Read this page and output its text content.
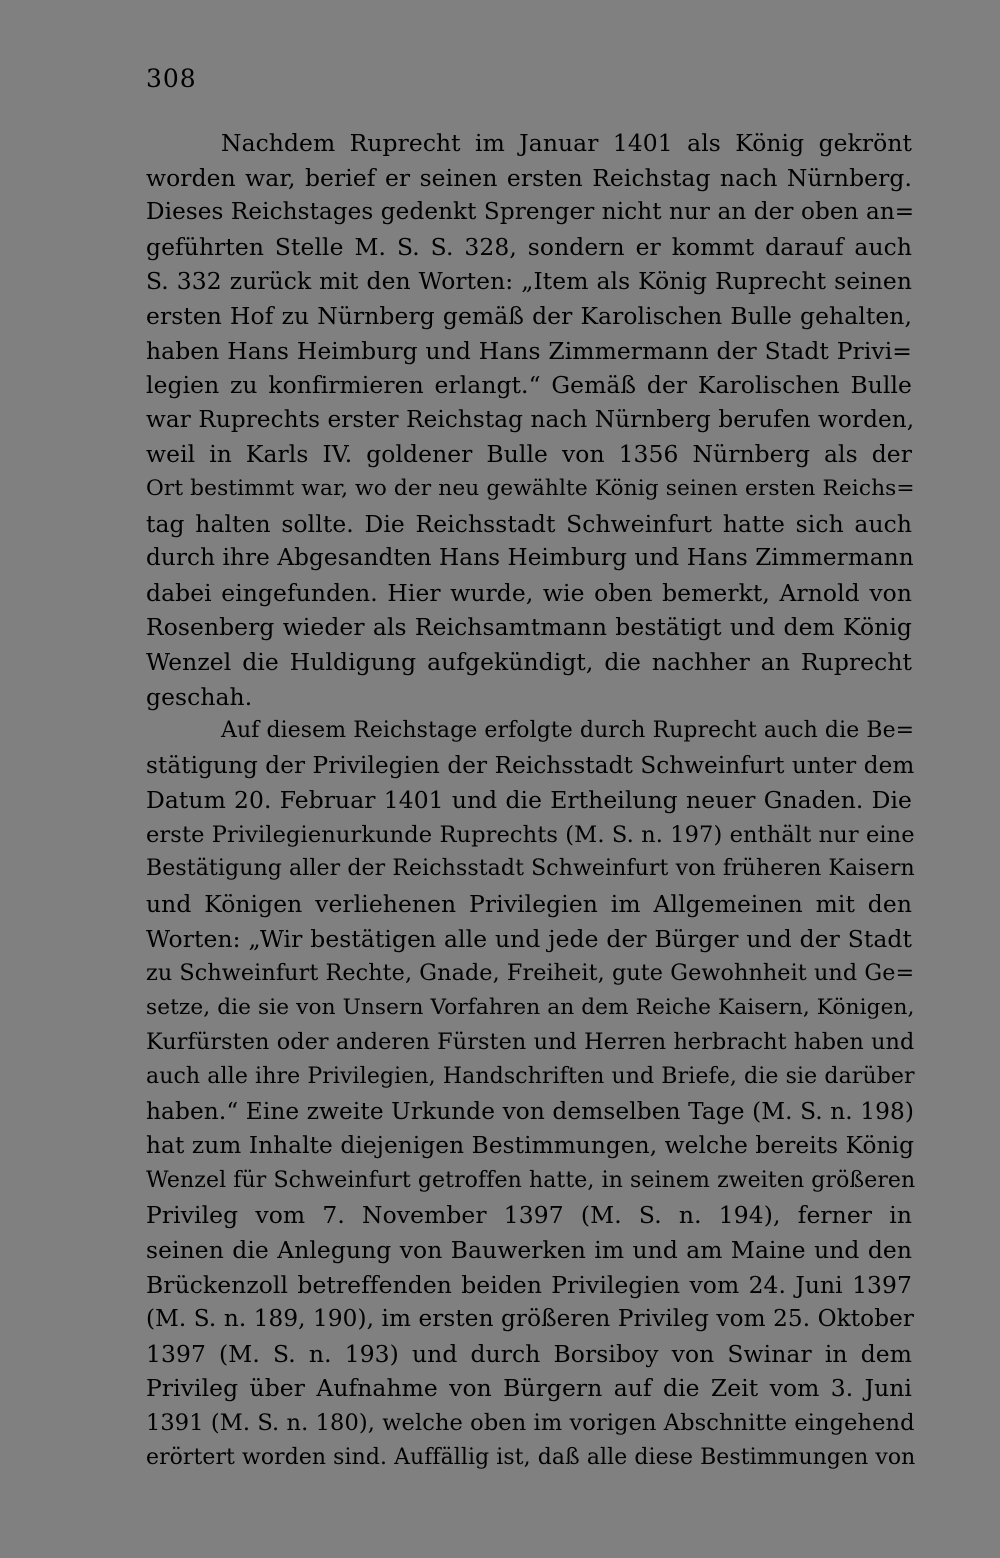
308
Nachdem Ruprecht im Januar 1401 als König gekrönt
worden war, berief er seinen ersten Reichstag nach Nürnberg.
Dieses Reichstages gedenkt Sprenger nicht nur an der oben an=
geführten Stelle M. S. S. 328, sondern er kommt darauf auch
S. 332 zurück mit den Worten: „Item als König Ruprecht seinen
ersten Hof zu Nürnberg gemäß der Karolischen Bulle gehalten,
haben Hans Heimburg und Hans Zimmermann der Stadt Privi=
legien zu konfirmieren erlangt.“ Gemäß der Karolischen Bulle
war Ruprechts erster Reichstag nach Nürnberg berufen worden,
weil in Karls IV. goldener Bulle von 1356 Nürnberg als der
Ort bestimmt war, wo der neu gewählte König seinen ersten Reichs=
tag halten sollte. Die Reichsstadt Schweinfurt hatte sich auch
durch ihre Abgesandten Hans Heimburg und Hans Zimmermann
dabei eingefunden. Hier wurde, wie oben bemerkt, Arnold von
Rosenberg wieder als Reichsamtmann bestätigt und dem König
Wenzel die Huldigung aufgekündigt, die nachher an Ruprecht
geschah.
Auf diesem Reichstage erfolgte durch Ruprecht auch die Be=
stätigung der Privilegien der Reichsstadt Schweinfurt unter dem
Datum 20. Februar 1401 und die Ertheilung neuer Gnaden. Die
erste Privilegienurkunde Ruprechts (M. S. n. 197) enthält nur eine
Bestätigung aller der Reichsstadt Schweinfurt von früheren Kaisern
und Königen verliehenen Privilegien im Allgemeinen mit den
Worten: „Wir bestätigen alle und jede der Bürger und der Stadt
zu Schweinfurt Rechte, Gnade, Freiheit, gute Gewohnheit und Ge=
setze, die sie von Unsern Vorfahren an dem Reiche Kaisern, Königen,
Kurfürsten oder anderen Fürsten und Herren herbracht haben und
auch alle ihre Privilegien, Handschriften und Briefe, die sie darüber
haben.“ Eine zweite Urkunde von demselben Tage (M. S. n. 198)
hat zum Inhalte diejenigen Bestimmungen, welche bereits König
Wenzel für Schweinfurt getroffen hatte, in seinem zweiten größeren
Privileg vom 7. November 1397 (M. S. n. 194), ferner in
seinen die Anlegung von Bauwerken im und am Maine und den
Brückenzoll betreffenden beiden Privilegien vom 24. Juni 1397
(M. S. n. 189, 190), im ersten größeren Privileg vom 25. Oktober
1397 (M. S. n. 193) und durch Borsiboy von Swinar in dem
Privileg über Aufnahme von Bürgern auf die Zeit vom 3. Juni
1391 (M. S. n. 180), welche oben im vorigen Abschnitte eingehend
erörtert worden sind. Auffällig ist, daß alle diese Bestimmungen von
